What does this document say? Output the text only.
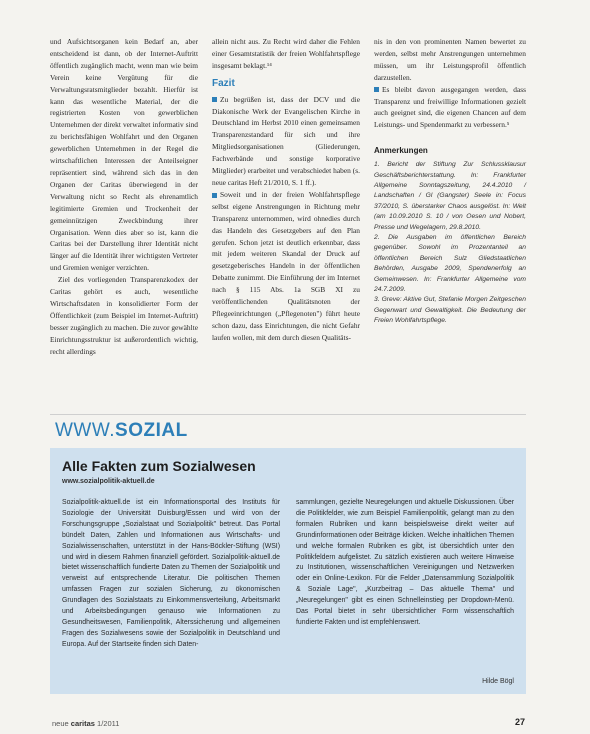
und Aufsichtsorganen kein Bedarf an, aber entscheidend ist dann, ob der Internet-Auftritt öffentlich zugänglich macht, wenn man wie beim Verein keine Vergütung für die Verwaltungsratsmitglieder bezahlt. Hierfür ist kann das wesentliche Material, der die registrierten Kosten von gewerblichen Unternehmen der direkt verwaltet informativ sind zu berichtsfähigen Wohlfahrt und den Organen gewerblichen Unternehmen in der Regel die wirtschaftlichen Interessen der Anteilseigner repräsentiert sind, während sich das in den Organen der Caritas überwiegend in der Verwaltung nicht so Recht als ehrenamtlich legitimierte Gremien und Trockenheit der gemeinnützigen Zweckbindung ihrer Organisation. Wenn dies aber so ist, kann die Caritas bei der Darstellung ihrer Identität nicht länger auf die Identität ihrer wichtigsten Vertreter und Gremien weniger verzichten.

Ziel des vorliegenden Transparenzkodex der Caritas gehört es auch, wesentliche Wirtschaftsdaten in konsolidierter Form der Öffentlichkeit (zum Beispiel im Internet-Auftritt) besser zugänglich zu machen. Die zuvor gewählte Einrichtungsstruktur ist außerordentlich wichtig, recht allerdings

allein nicht aus. Zu Recht wird daher die Fehlen einer Gesamtstatistik der freien Wohlfahrtspflege insgesamt beklagt.¹⁴

Fazit

Zu begrüßen ist, dass der DCV und die Diakonische Werk der Evangelischen Kirche in Deutschland im Herbst 2010 einen gemeinsamen Transparenzstandard für sich und ihre Mitgliedsorganisationen (Gliederungen, Fachverbände und sonstige korporative Mitglieder) erarbeitet und verabschiedet haben (s. neue caritas Heft 21/2010, S. 1 ff.).

Soweit und in der freien Wohlfahrtspflege selbst eigene Anstrengungen in Richtung mehr Transparenz unternommen, wird ohnedies durch das Handeln des Gesetzgebers auf den Plan gerufen. Schon jetzt ist deutlich erkennbar, dass mit jedem weiteren Skandal der Druck auf gesetzgeberisches Handeln in der öffentlichen Debatte zunimmt. Die Einführung der im Internet nach § 115 Abs. 1a SGB XI zu veröffentlichenden Qualitätsnoten der Pflegeeinrichtungen („Pflegenoten") führt heute schon dazu, dass Einrichtungen, die nicht Gefahr laufen wollen, mit dem durch diesen Qualitäts-

nis in den von prominenten Namen bewertet zu werden, selbst mehr Anstrengungen unternehmen müssen, um ihr Leistungsprofil öffentlich darzustellen.

Es bleibt davon ausgegangen werden, dass Transparenz und freiwillige Informationen gezielt auch geeignet sind, die eigenen Chancen auf dem Leistungs- und Spendenmarkt zu verbessern.⁵

Anmerkungen

1. Bericht der Stiftung Zur Schlussklausur Geschäftsberichterstattung. In: Frankfurter Allgemeine Sonntagszeitung, 24.4.2010 / Landschaften / Gl (Gangster) Seele in: Focus 37/2010, S. überstarker Chaos ausgelöst. In: Welt (am 10.09.2010 S. 10 / von Oesen und Nobert, Presse und Wegelagern, 29.8.2010.

2. Die Ausgaben im öffentlichen Bereich gegenüber. Sowohl im Prozentanteil an öffentlichen Bereich Sulz Gliedstaatlichen Behörden, Ausgabe 2009, Spendenerfolg an Gemeinwesen. In: Frankfurter Allgemeine vom 24.7.2009.

3. Greve: Aktive Gut, Stefanie Morgen Zeitgeschen Gegenwart und Gewaltigkeit. Die Bedeutung der Freien Wohlfahrtspflege.

WWW.SOZIAL
Alle Fakten zum Sozialwesen
www.sozialpolitik-aktuell.de
Sozialpolitik-aktuell.de ist ein Informationsportal des Instituts für Soziologie der Universität Duisburg/Essen und wird von der Forschungsgruppe „Sozialstaat und Sozialpolitik" betreut. Das Portal bündelt Daten, Zahlen und Informationen aus Wirtschafts- und Sozialwissenschaften, unterstützt in der Hans-Böckler-Stiftung (WSI) und wird in diesem Rahmen finanziell gefördert. Sozialpolitik-aktuell.de bietet wissenschaftlich fundierte Daten zu Themen der Sozialpolitik und verweist auf entsprechende Literatur. Die politischen Themen umfassen Fragen zur sozialen Sicherung, zu ökonomischen Grundlagen des Sozialstaats zu Einkommensverteilung, Arbeitsmarkt und Arbeitsbedingungen genauso wie Informationen zu Gesundheitswesen, Familienpolitik, Alterssicherung und allgemeinen Fragen des Sozialwesens sowie der Sozialpolitik in Deutschland und Europa. Auf der Startseite finden sich Daten-
sammlungen, gezielte Neuregelungen und aktuelle Diskussionen. Über die Politikfelder, wie zum Beispiel Familienpolitik, gelangt man zu den formalen Rubriken und kann beispielsweise direkt weiter auf Grundinformationen oder Beiträge klicken. Welche inhaltlichen Themen und welche formalen Rubriken es gibt, ist übersichtlich unter den Politikfeldern aufgelistet. Zu sätzlich existieren auch weitere Hinweise zu Institutionen, wissenschaftlichen Vereinigungen und Netzwerken oder ein Online-Lexikon. Für die Felder „Datensammlung Sozialpolitik & Soziale Lage", „Kurzbeitrag – Das aktuelle Thema" und „Neuregelungen" gibt es einen Schnelleinstieg per Dropdown-Menü. Das Portal bietet in sehr übersichtlicher Form wissenschaftlich fundierte Fakten und ist empfehlenswert.
Hilde Bögl
neue caritas 1/2011	27
